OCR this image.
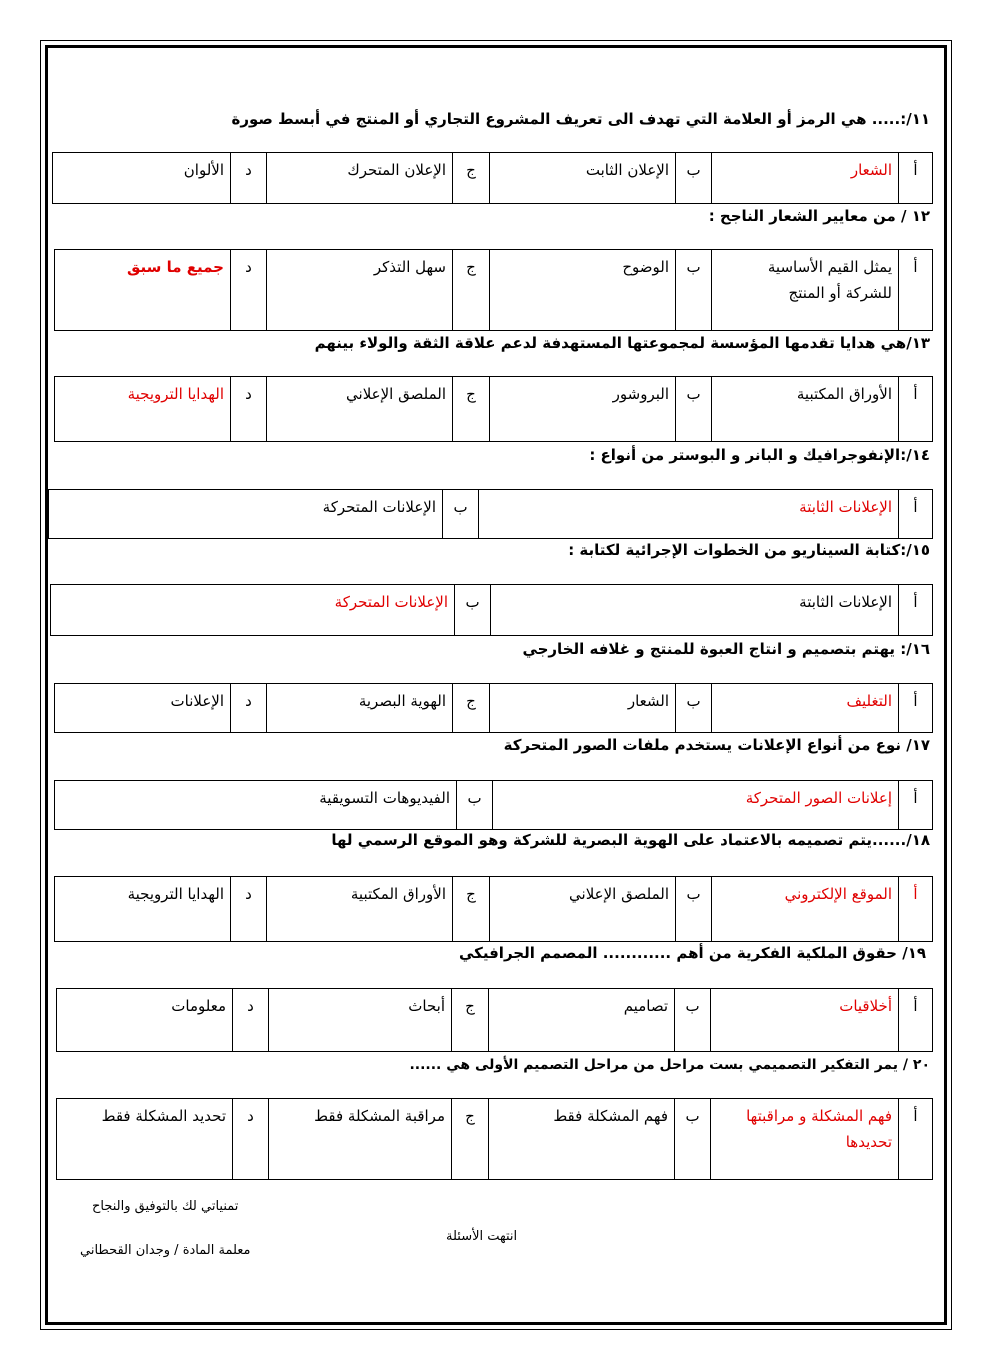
١١/:..... هي الرمز أو العلامة التي تهدف الى تعريف المشروع التجاري أو المنتج في أبسط صورة
أ	الشعار	ب	الإعلان الثابت	ج	الإعلان المتحرك	د	الألوان
١٢ / من معايير الشعار الناجح :
أ	يمثل القيم الأساسية للشركة أو المنتج	ب	الوضوح	ج	سهل التذكر	د	جميع ما سبق
١٣/هي هدايا تقدمها المؤسسة لمجموعتها المستهدفة لدعم علاقة الثقة والولاء بينهم
أ	الأوراق المكتبية	ب	البروشور	ج	الملصق الإعلاني	د	الهدايا الترويجية
١٤/:الإنفوجرافيك و البانر و البوستر من أنواع :
أ	الإعلانات الثابتة	ب	الإعلانات المتحركة
١٥/:كتابة السيناريو من الخطوات الإجرائية لكتابة :
أ	الإعلانات الثابتة	ب	الإعلانات المتحركة
١٦/: يهتم بتصميم و انتاج العبوة للمنتج و غلافه الخارجي
أ	التغليف	ب	الشعار	ج	الهوية البصرية	د	الإعلانات
١٧/ نوع من أنواع الإعلانات يستخدم ملفات الصور المتحركة
أ	إعلانات الصور المتحركة	ب	الفيديوهات التسويقية
١٨/......يتم تصميمه بالاعتماد على الهوية البصرية للشركة وهو الموقع الرسمي لها
أ	الموقع الإلكتروني	ب	الملصق الإعلاني	ج	الأوراق المكتبية	د	الهدايا الترويجية
١٩/ حقوق الملكية الفكرية من أهم ............ المصمم الجرافيكي
أ	أخلاقيات	ب	تصاميم	ج	أبحاث	د	معلومات
٢٠ / يمر التفكير التصميمي بست مراحل من مراحل التصميم الأولى هي ......
أ	فهم المشكلة و مراقبتها تحديدها	ب	فهم المشكلة فقط	ج	مراقبة المشكلة فقط	د	تحديد المشكلة فقط
تمنياتي لك بالتوفيق والنجاح
انتهت الأسئلة
معلمة المادة / وجدان القحطاني
